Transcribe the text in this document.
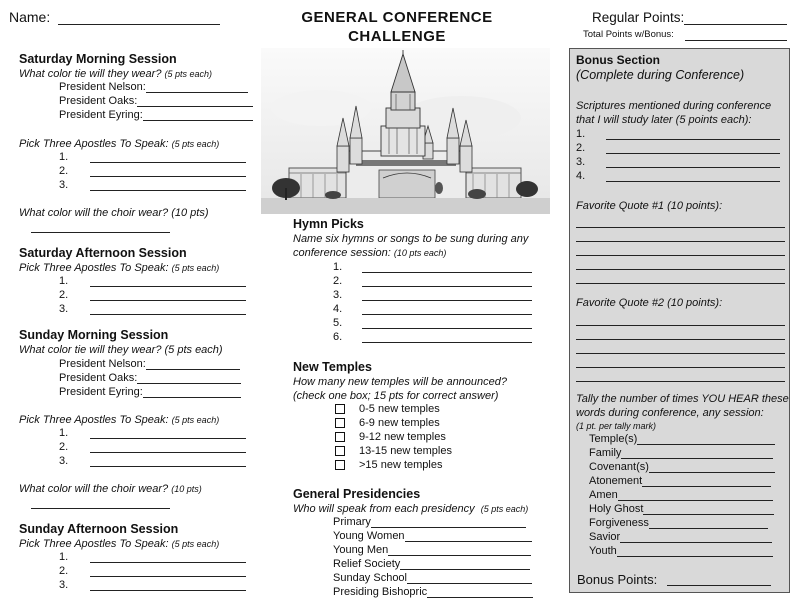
Name:	GENERAL CONFERENCE
CHALLENGE
Regular Points:
Total Points w/Bonus:
Saturday Morning Session
What color tie will they wear? (5 pts each)
President Nelson:
President Oaks:
President Eyring:
Pick Three Apostles To Speak: (5 pts each)
1.
2.
3.
What color will the choir wear? (10 pts)
Saturday Afternoon Session
Pick Three Apostles To Speak: (5 pts each)
1.
2.
3.
Sunday Morning Session
What color tie will they wear? (5 pts each)
President Nelson:
President Oaks:
President Eyring:
Pick Three Apostles To Speak: (5 pts each)
1.
2.
3.
What color will the choir wear? (10 pts)
Sunday Afternoon Session
Pick Three Apostles To Speak: (5 pts each)
1.
2.
3.
Hymn Picks
Name six hymns or songs to be sung during any
conference session: (10 pts each)
1.
2.
3.
4.
5.
6.
New Temples
How many new temples will be announced?
(check one box; 15 pts for correct answer)
0-5 new temples
6-9 new temples
9-12 new temples
13-15 new temples
>15 new temples
General Presidencies
Who will speak from each presidency (5 pts each)
Primary
Young Women
Young Men
Relief Society
Sunday School
Presiding Bishopric
Bonus Section
(Complete during Conference)
Scriptures mentioned during conference
that I will study later (5 points each):
1.
2.
3.
4.
Favorite Quote #1 (10 points):
Favorite Quote #2 (10 points):
Tally the number of times YOU HEAR these
words during conference, any session:
(1 pt. per tally mark)
Temple(s)
Family
Covenant(s)
Atonement
Amen
Holy Ghost
Forgiveness
Savior
Youth
Bonus Points:
